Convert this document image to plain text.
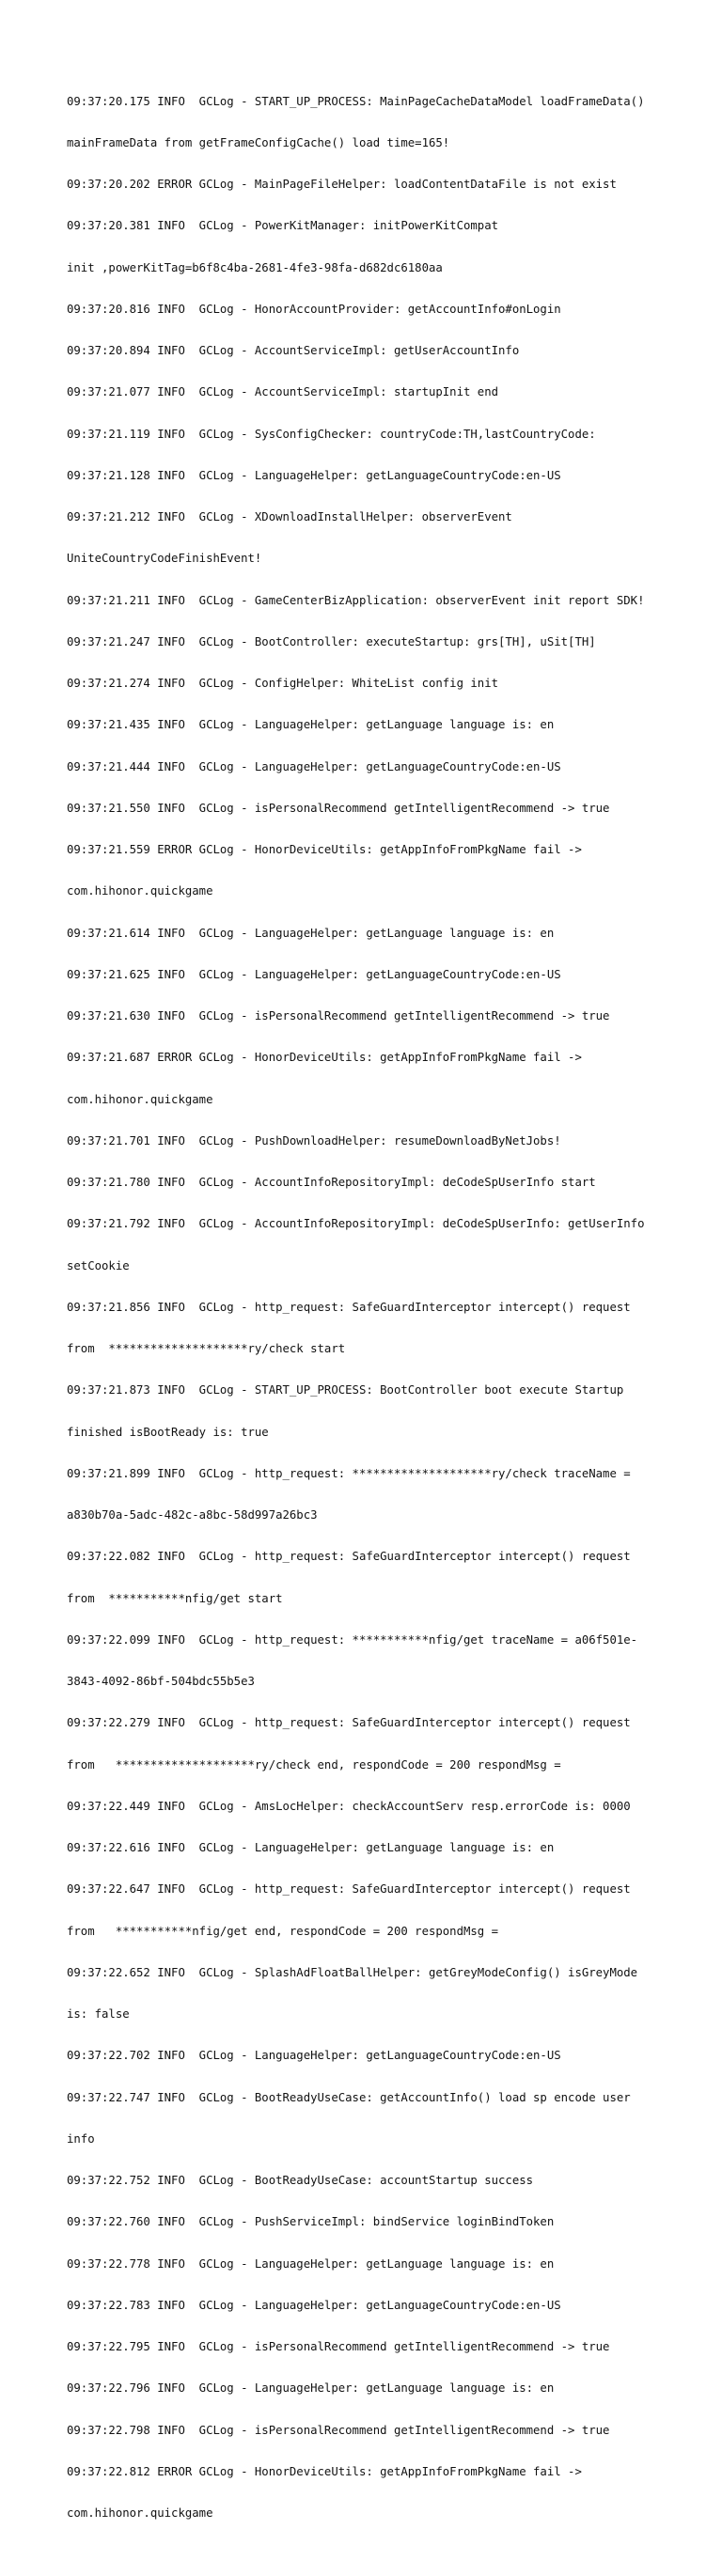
09:37:20.175 INFO  GCLog - START_UP_PROCESS: MainPageCacheDataModel loadFrameData()

mainFrameData from getFrameConfigCache() load time=165!

09:37:20.202 ERROR GCLog - MainPageFileHelper: loadContentDataFile is not exist

09:37:20.381 INFO  GCLog - PowerKitManager: initPowerKitCompat

init ,powerKitTag=b6f8c4ba-2681-4fe3-98fa-d682dc6180aa

09:37:20.816 INFO  GCLog - HonorAccountProvider: getAccountInfo#onLogin

09:37:20.894 INFO  GCLog - AccountServiceImpl: getUserAccountInfo

09:37:21.077 INFO  GCLog - AccountServiceImpl: startupInit end

09:37:21.119 INFO  GCLog - SysConfigChecker: countryCode:TH,lastCountryCode:

09:37:21.128 INFO  GCLog - LanguageHelper: getLanguageCountryCode:en-US

09:37:21.212 INFO  GCLog - XDownloadInstallHelper: observerEvent

UniteCountryCodeFinishEvent!

09:37:21.211 INFO  GCLog - GameCenterBizApplication: observerEvent init report SDK!

09:37:21.247 INFO  GCLog - BootController: executeStartup: grs[TH], uSit[TH]

09:37:21.274 INFO  GCLog - ConfigHelper: WhiteList config init

09:37:21.435 INFO  GCLog - LanguageHelper: getLanguage language is: en

09:37:21.444 INFO  GCLog - LanguageHelper: getLanguageCountryCode:en-US

09:37:21.550 INFO  GCLog - isPersonalRecommend getIntelligentRecommend -> true

09:37:21.559 ERROR GCLog - HonorDeviceUtils: getAppInfoFromPkgName fail ->

com.hihonor.quickgame

09:37:21.614 INFO  GCLog - LanguageHelper: getLanguage language is: en

09:37:21.625 INFO  GCLog - LanguageHelper: getLanguageCountryCode:en-US

09:37:21.630 INFO  GCLog - isPersonalRecommend getIntelligentRecommend -> true

09:37:21.687 ERROR GCLog - HonorDeviceUtils: getAppInfoFromPkgName fail ->

com.hihonor.quickgame

09:37:21.701 INFO  GCLog - PushDownloadHelper: resumeDownloadByNetJobs!

09:37:21.780 INFO  GCLog - AccountInfoRepositoryImpl: deCodeSpUserInfo start

09:37:21.792 INFO  GCLog - AccountInfoRepositoryImpl: deCodeSpUserInfo: getUserInfo

setCookie

09:37:21.856 INFO  GCLog - http_request: SafeGuardInterceptor intercept() request

from  ********************ry/check start

09:37:21.873 INFO  GCLog - START_UP_PROCESS: BootController boot execute Startup

finished isBootReady is: true

09:37:21.899 INFO  GCLog - http_request: ********************ry/check traceName =

a830b70a-5adc-482c-a8bc-58d997a26bc3

09:37:22.082 INFO  GCLog - http_request: SafeGuardInterceptor intercept() request

from  ***********nfig/get start

09:37:22.099 INFO  GCLog - http_request: ***********nfig/get traceName = a06f501e-

3843-4092-86bf-504bdc55b5e3

09:37:22.279 INFO  GCLog - http_request: SafeGuardInterceptor intercept() request

from   ********************ry/check end, respondCode = 200 respondMsg =

09:37:22.449 INFO  GCLog - AmsLocHelper: checkAccountServ resp.errorCode is: 0000

09:37:22.616 INFO  GCLog - LanguageHelper: getLanguage language is: en

09:37:22.647 INFO  GCLog - http_request: SafeGuardInterceptor intercept() request

from   ***********nfig/get end, respondCode = 200 respondMsg =

09:37:22.652 INFO  GCLog - SplashAdFloatBallHelper: getGreyModeConfig() isGreyMode

is: false

09:37:22.702 INFO  GCLog - LanguageHelper: getLanguageCountryCode:en-US

09:37:22.747 INFO  GCLog - BootReadyUseCase: getAccountInfo() load sp encode user

info

09:37:22.752 INFO  GCLog - BootReadyUseCase: accountStartup success

09:37:22.760 INFO  GCLog - PushServiceImpl: bindService loginBindToken

09:37:22.778 INFO  GCLog - LanguageHelper: getLanguage language is: en

09:37:22.783 INFO  GCLog - LanguageHelper: getLanguageCountryCode:en-US

09:37:22.795 INFO  GCLog - isPersonalRecommend getIntelligentRecommend -> true

09:37:22.796 INFO  GCLog - LanguageHelper: getLanguage language is: en

09:37:22.798 INFO  GCLog - isPersonalRecommend getIntelligentRecommend -> true

09:37:22.812 ERROR GCLog - HonorDeviceUtils: getAppInfoFromPkgName fail ->

com.hihonor.quickgame
